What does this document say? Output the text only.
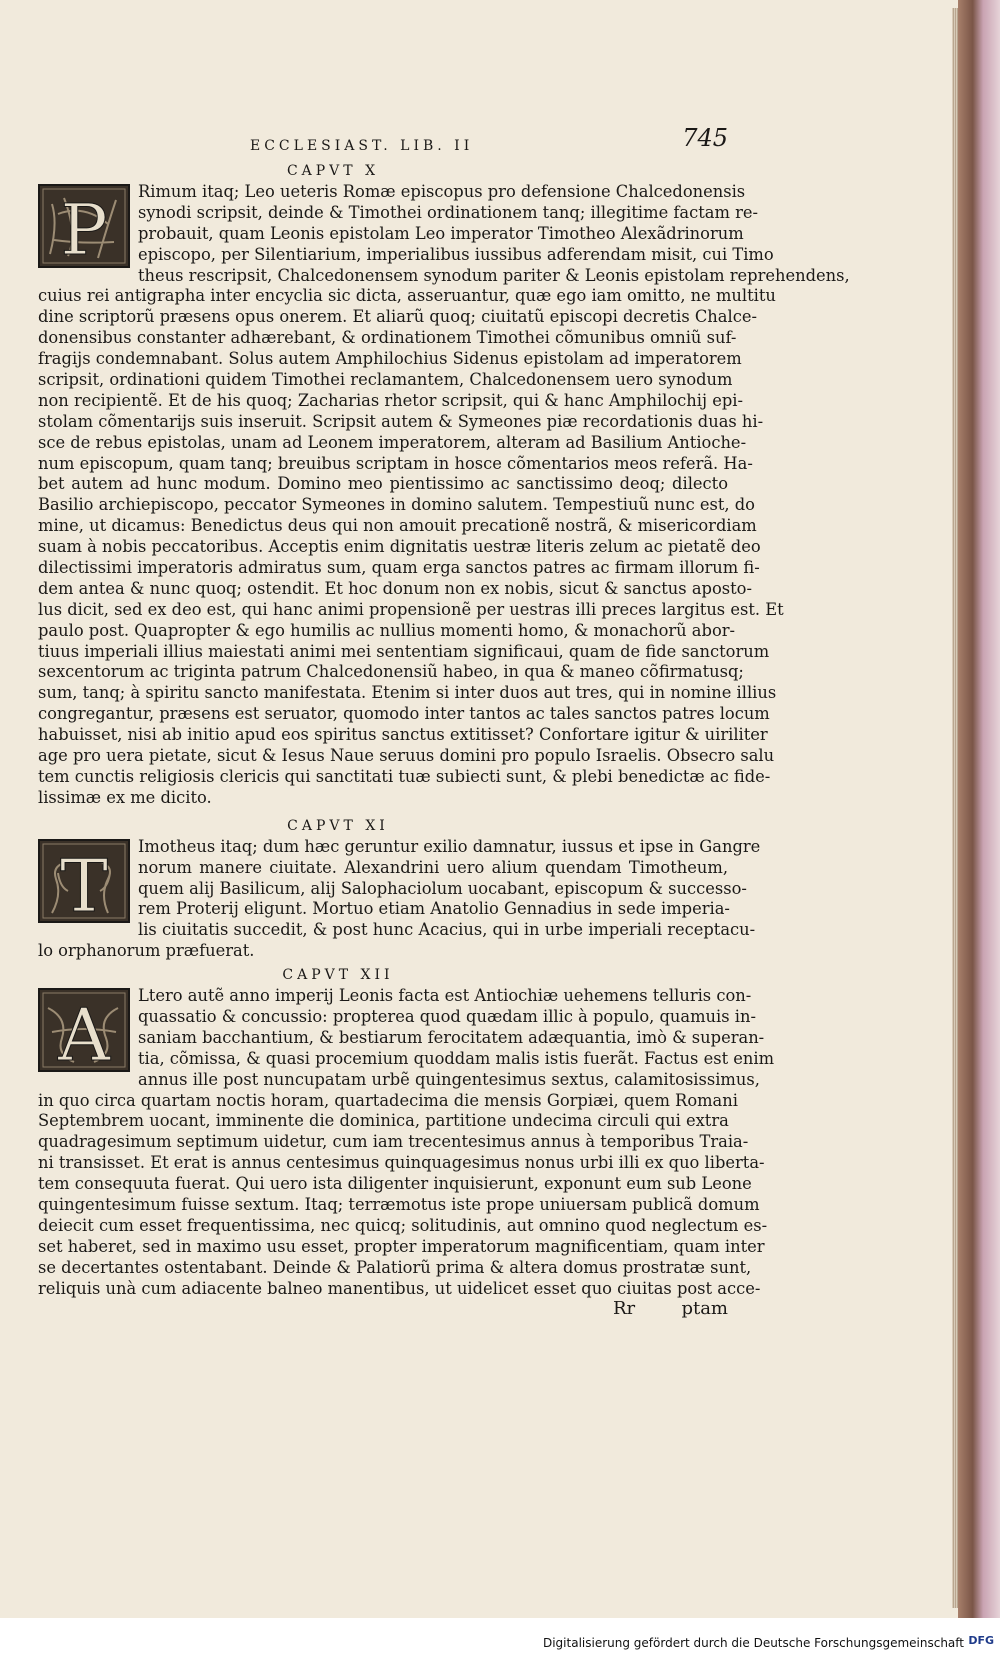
ECCLESIAST. LIB. II	745
CAPVT X
P	Rimum itaq; Leo ueteris Romæ episcopus pro defensione Chalcedonensis
synodi scripsit, deinde & Timothei ordinationem tanq; illegitime factam re-
probauit, quam Leonis epistolam Leo imperator Timotheo Alexãdrinorum
episcopo, per Silentiarium, imperialibus iussibus adferendam misit, cui Timo
theus rescripsit, Chalcedonensem synodum pariter & Leonis epistolam reprehendens,
cuius rei antigrapha inter encyclia sic dicta, asseruantur, quæ ego iam omitto, ne multitu
dine scriptorũ præsens opus onerem. Et aliarũ quoq; ciuitatũ episcopi decretis Chalce-
donensibus constanter adhærebant, & ordinationem Timothei cõmunibus omniũ suf-
fragijs condemnabant. Solus autem Amphilochius Sidenus epistolam ad imperatorem
scripsit, ordinationi quidem Timothei reclamantem, Chalcedonensem uero synodum
non recipientẽ. Et de his quoq; Zacharias rhetor scripsit, qui & hanc Amphilochij epi-
stolam cõmentarijs suis inseruit. Scripsit autem & Symeones piæ recordationis duas hi-
sce de rebus epistolas, unam ad Leonem imperatorem, alteram ad Basilium Antioche-
num episcopum, quam tanq; breuibus scriptam in hosce cõmentarios meos referã. Ha-
bet autem ad hunc modum. Domino meo pientissimo ac sanctissimo deoq; dilecto
Basilio archiepiscopo, peccator Symeones in domino salutem. Tempestiuũ nunc est, do
mine, ut dicamus: Benedictus deus qui non amouit precationẽ nostrã, & misericordiam
suam à nobis peccatoribus. Acceptis enim dignitatis uestræ literis zelum ac pietatẽ deo
dilectissimi imperatoris admiratus sum, quam erga sanctos patres ac firmam illorum fi-
dem antea & nunc quoq; ostendit. Et hoc donum non ex nobis, sicut & sanctus aposto-
lus dicit, sed ex deo est, qui hanc animi propensionẽ per uestras illi preces largitus est. Et
paulo post. Quapropter & ego humilis ac nullius momenti homo, & monachorũ abor-
tiuus imperiali illius maiestati animi mei sententiam significaui, quam de fide sanctorum
sexcentorum ac triginta patrum Chalcedonensiũ habeo, in qua & maneo cõfirmatusq;
sum, tanq; à spiritu sancto manifestata. Etenim si inter duos aut tres, qui in nomine illius
congregantur, præsens est seruator, quomodo inter tantos ac tales sanctos patres locum
habuisset, nisi ab initio apud eos spiritus sanctus extitisset? Confortare igitur & uiriliter
age pro uera pietate, sicut & Iesus Naue seruus domini pro populo Israelis. Obsecro salu
tem cunctis religiosis clericis qui sanctitati tuæ subiecti sunt, & plebi benedictæ ac fide-
lissimæ ex me dicito.
CAPVT XI
T	Imotheus itaq; dum hæc geruntur exilio damnatur, iussus et ipse in Gangre
norum manere ciuitate. Alexandrini uero alium quendam Timotheum,
quem alij Basilicum, alij Salophaciolum uocabant, episcopum & successo-
rem Proterij eligunt. Mortuo etiam Anatolio Gennadius in sede imperia-
lis ciuitatis succedit, & post hunc Acacius, qui in urbe imperiali receptacu-
lo orphanorum præfuerat.
CAPVT XII
A	Ltero autẽ anno imperij Leonis facta est Antiochiæ uehemens telluris con-
quassatio & concussio: propterea quod quædam illic à populo, quamuis in-
saniam bacchantium, & bestiarum ferocitatem adæquantia, imò & superan-
tia, cõmissa, & quasi procemium quoddam malis istis fuerãt. Factus est enim
annus ille post nuncupatam urbẽ quingentesimus sextus, calamitosissimus,
in quo circa quartam noctis horam, quartadecima die mensis Gorpiæi, quem Romani
Septembrem uocant, imminente die dominica, partitione undecima circuli qui extra
quadragesimum septimum uidetur, cum iam trecentesimus annus à temporibus Traia-
ni transisset. Et erat is annus centesimus quinquagesimus nonus urbi illi ex quo liberta-
tem consequuta fuerat. Qui uero ista diligenter inquisierunt, exponunt eum sub Leone
quingentesimum fuisse sextum. Itaq; terræmotus iste prope uniuersam publicã domum
deiecit cum esset frequentissima, nec quicq; solitudinis, aut omnino quod neglectum es-
set haberet, sed in maximo usu esset, propter imperatorum magnificentiam, quam inter
se decertantes ostentabant. Deinde & Palatiorũ prima & altera domus prostratæ sunt,
reliquis unà cum adiacente balneo manentibus, ut uidelicet esset quo ciuitas post acce-
Rr	ptam
Digitalisierung gefördert durch die Deutsche Forschungsgemeinschaft DFG
